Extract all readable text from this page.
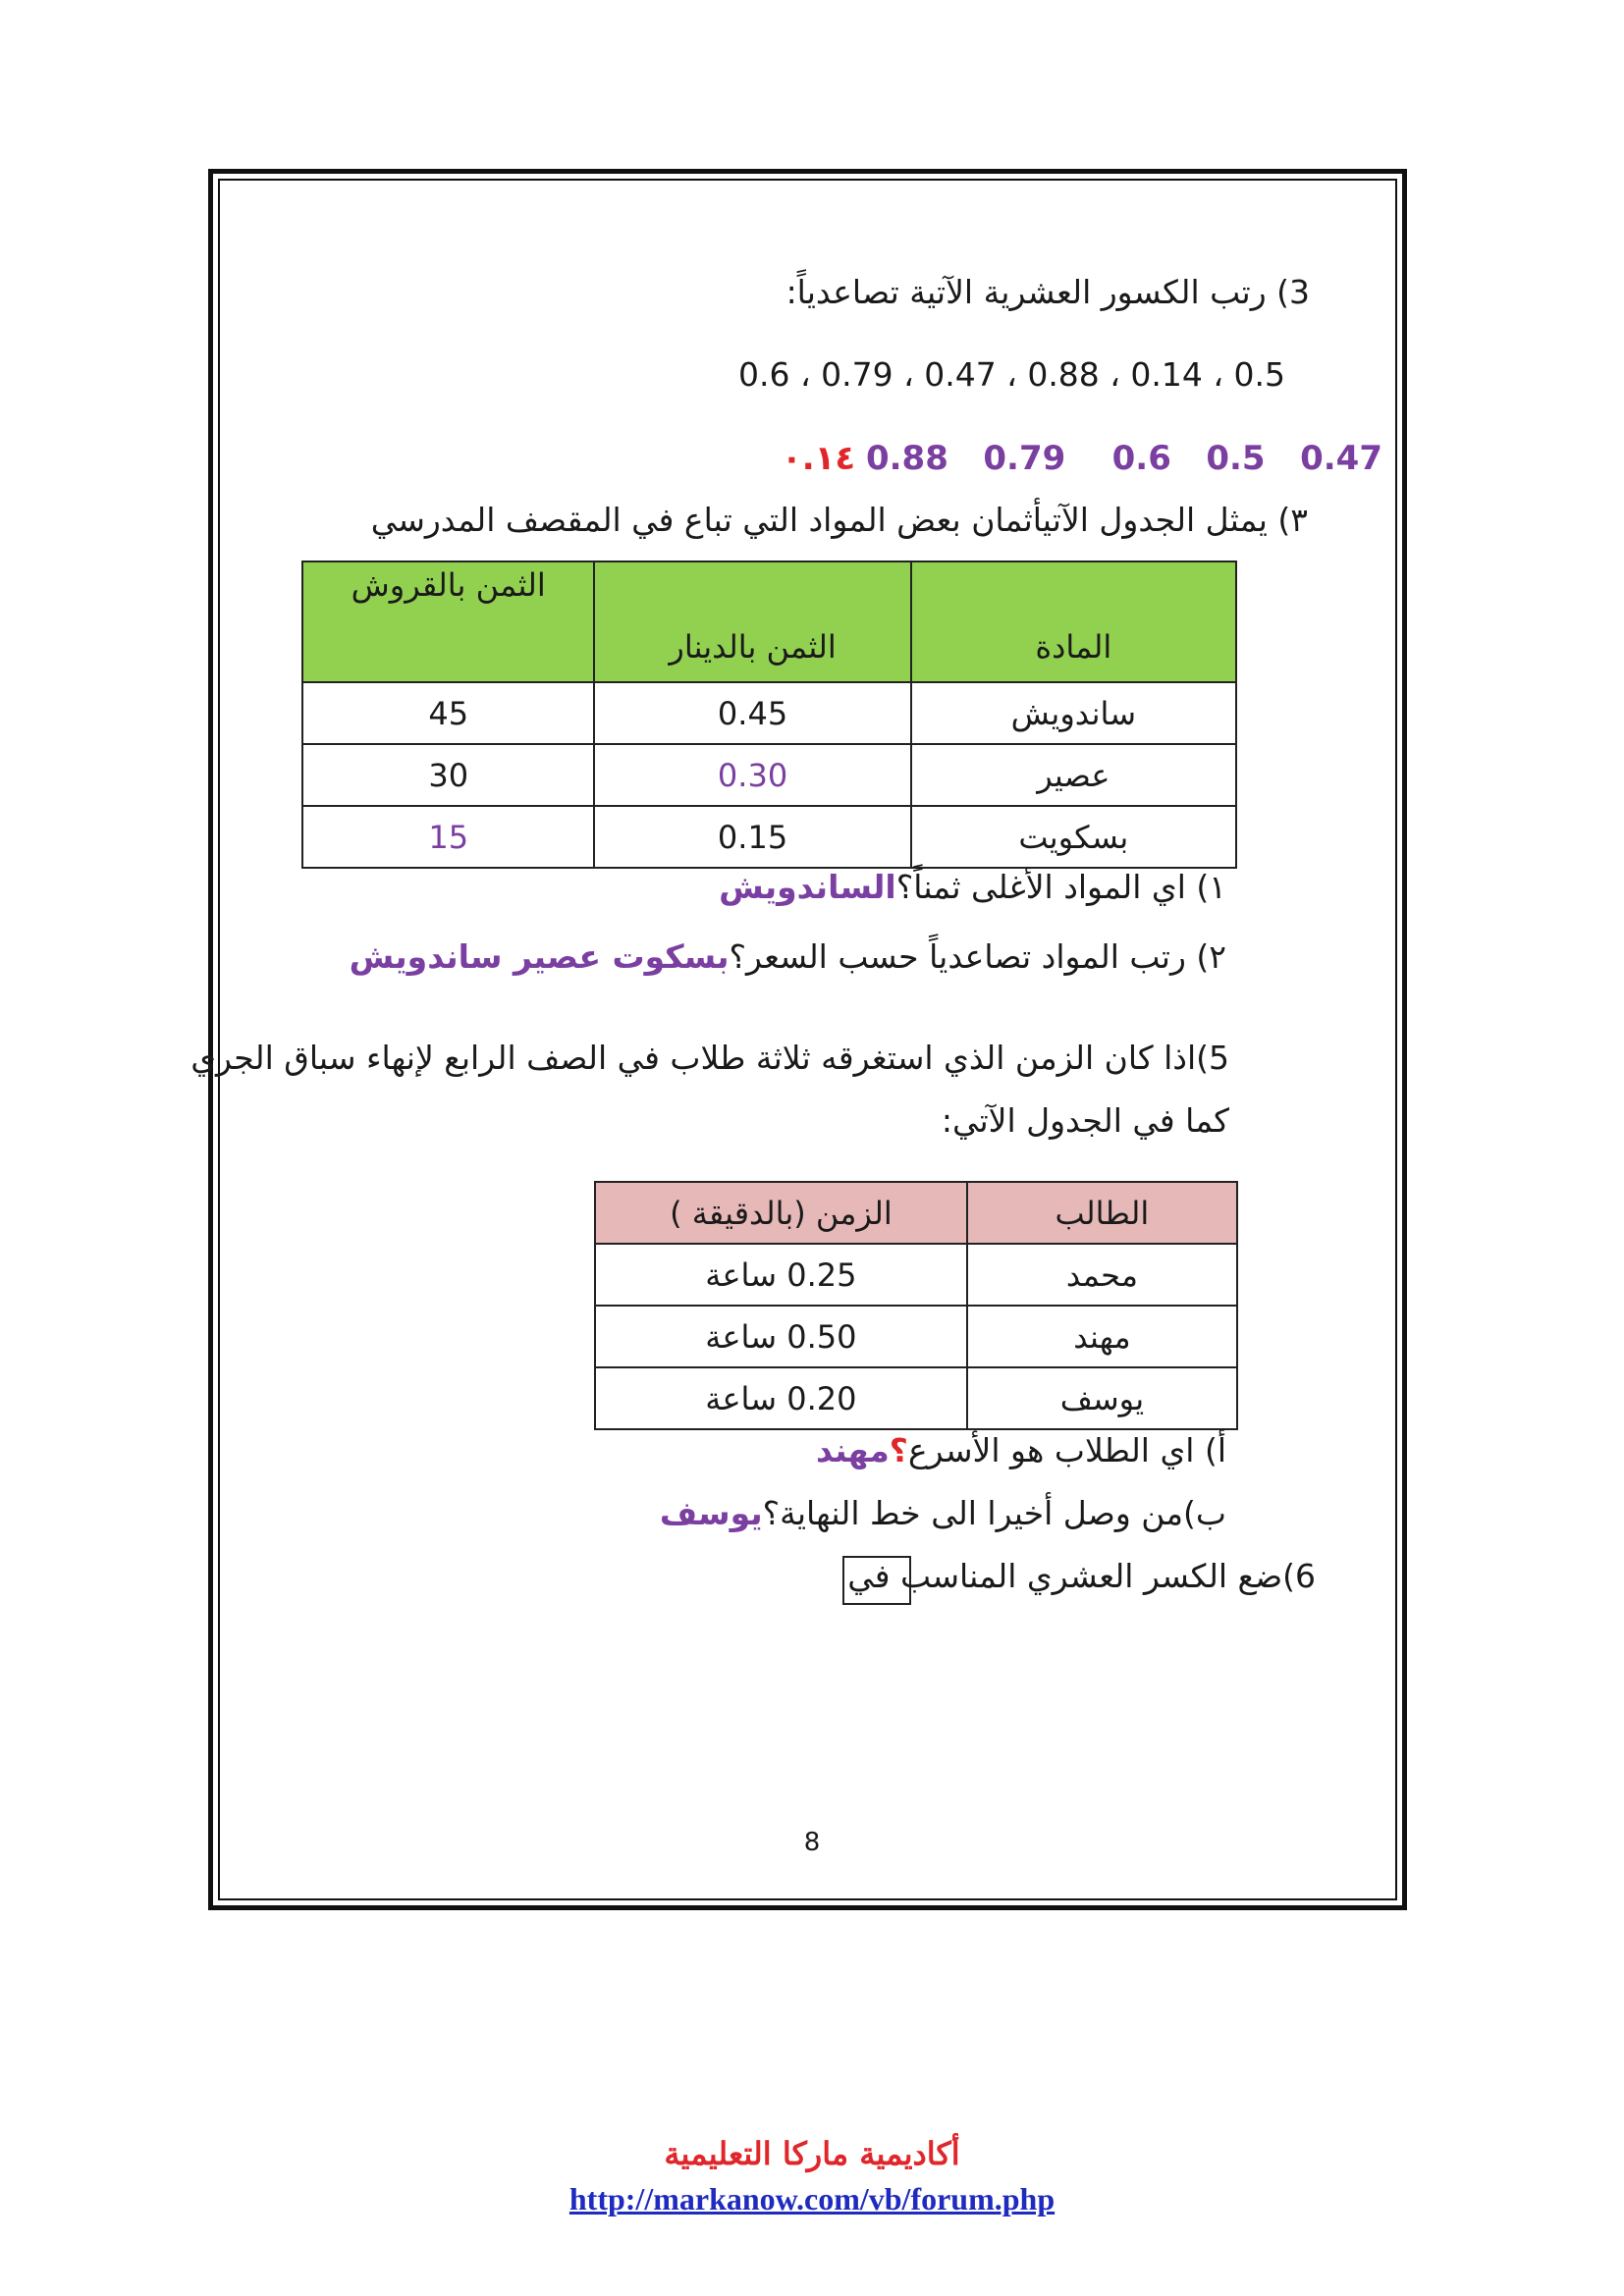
3) رتب الكسور العشرية الآتية تصاعدياً:
0.6 ، 0.79 ، 0.47 ، 0.88 ، 0.14 ، 0.5
0.88   0.79    0.6   0.5   0.47 ٠.١٤
٣) يمثل الجدول الآتيأثمان بعض المواد التي تباع في المقصف المدرسي
المادة	الثمن بالدينار	الثمن بالقروش
ساندويش	0.45	45
عصير	0.30	30
بسكويت	0.15	15
١) اي المواد الأغلى ثمناً؟الساندويش
٢) رتب المواد تصاعدياً حسب السعر؟بسكوت عصير ساندويش
5)اذا كان الزمن الذي استغرقه ثلاثة طلاب في الصف الرابع لإنهاء سباق الجري
كما في الجدول الآتي:
الطالب	الزمن (بالدقيقة )
محمد	0.25 ساعة
مهند	0.50 ساعة
يوسف	0.20 ساعة
أ) اي الطلاب هو الأسرع؟مهند
ب)من وصل أخيرا الى خط النهاية؟يوسف
6)ضع الكسر العشري المناسب في
8
أكاديمية ماركا التعليمية
http://markanow.com/vb/forum.php
